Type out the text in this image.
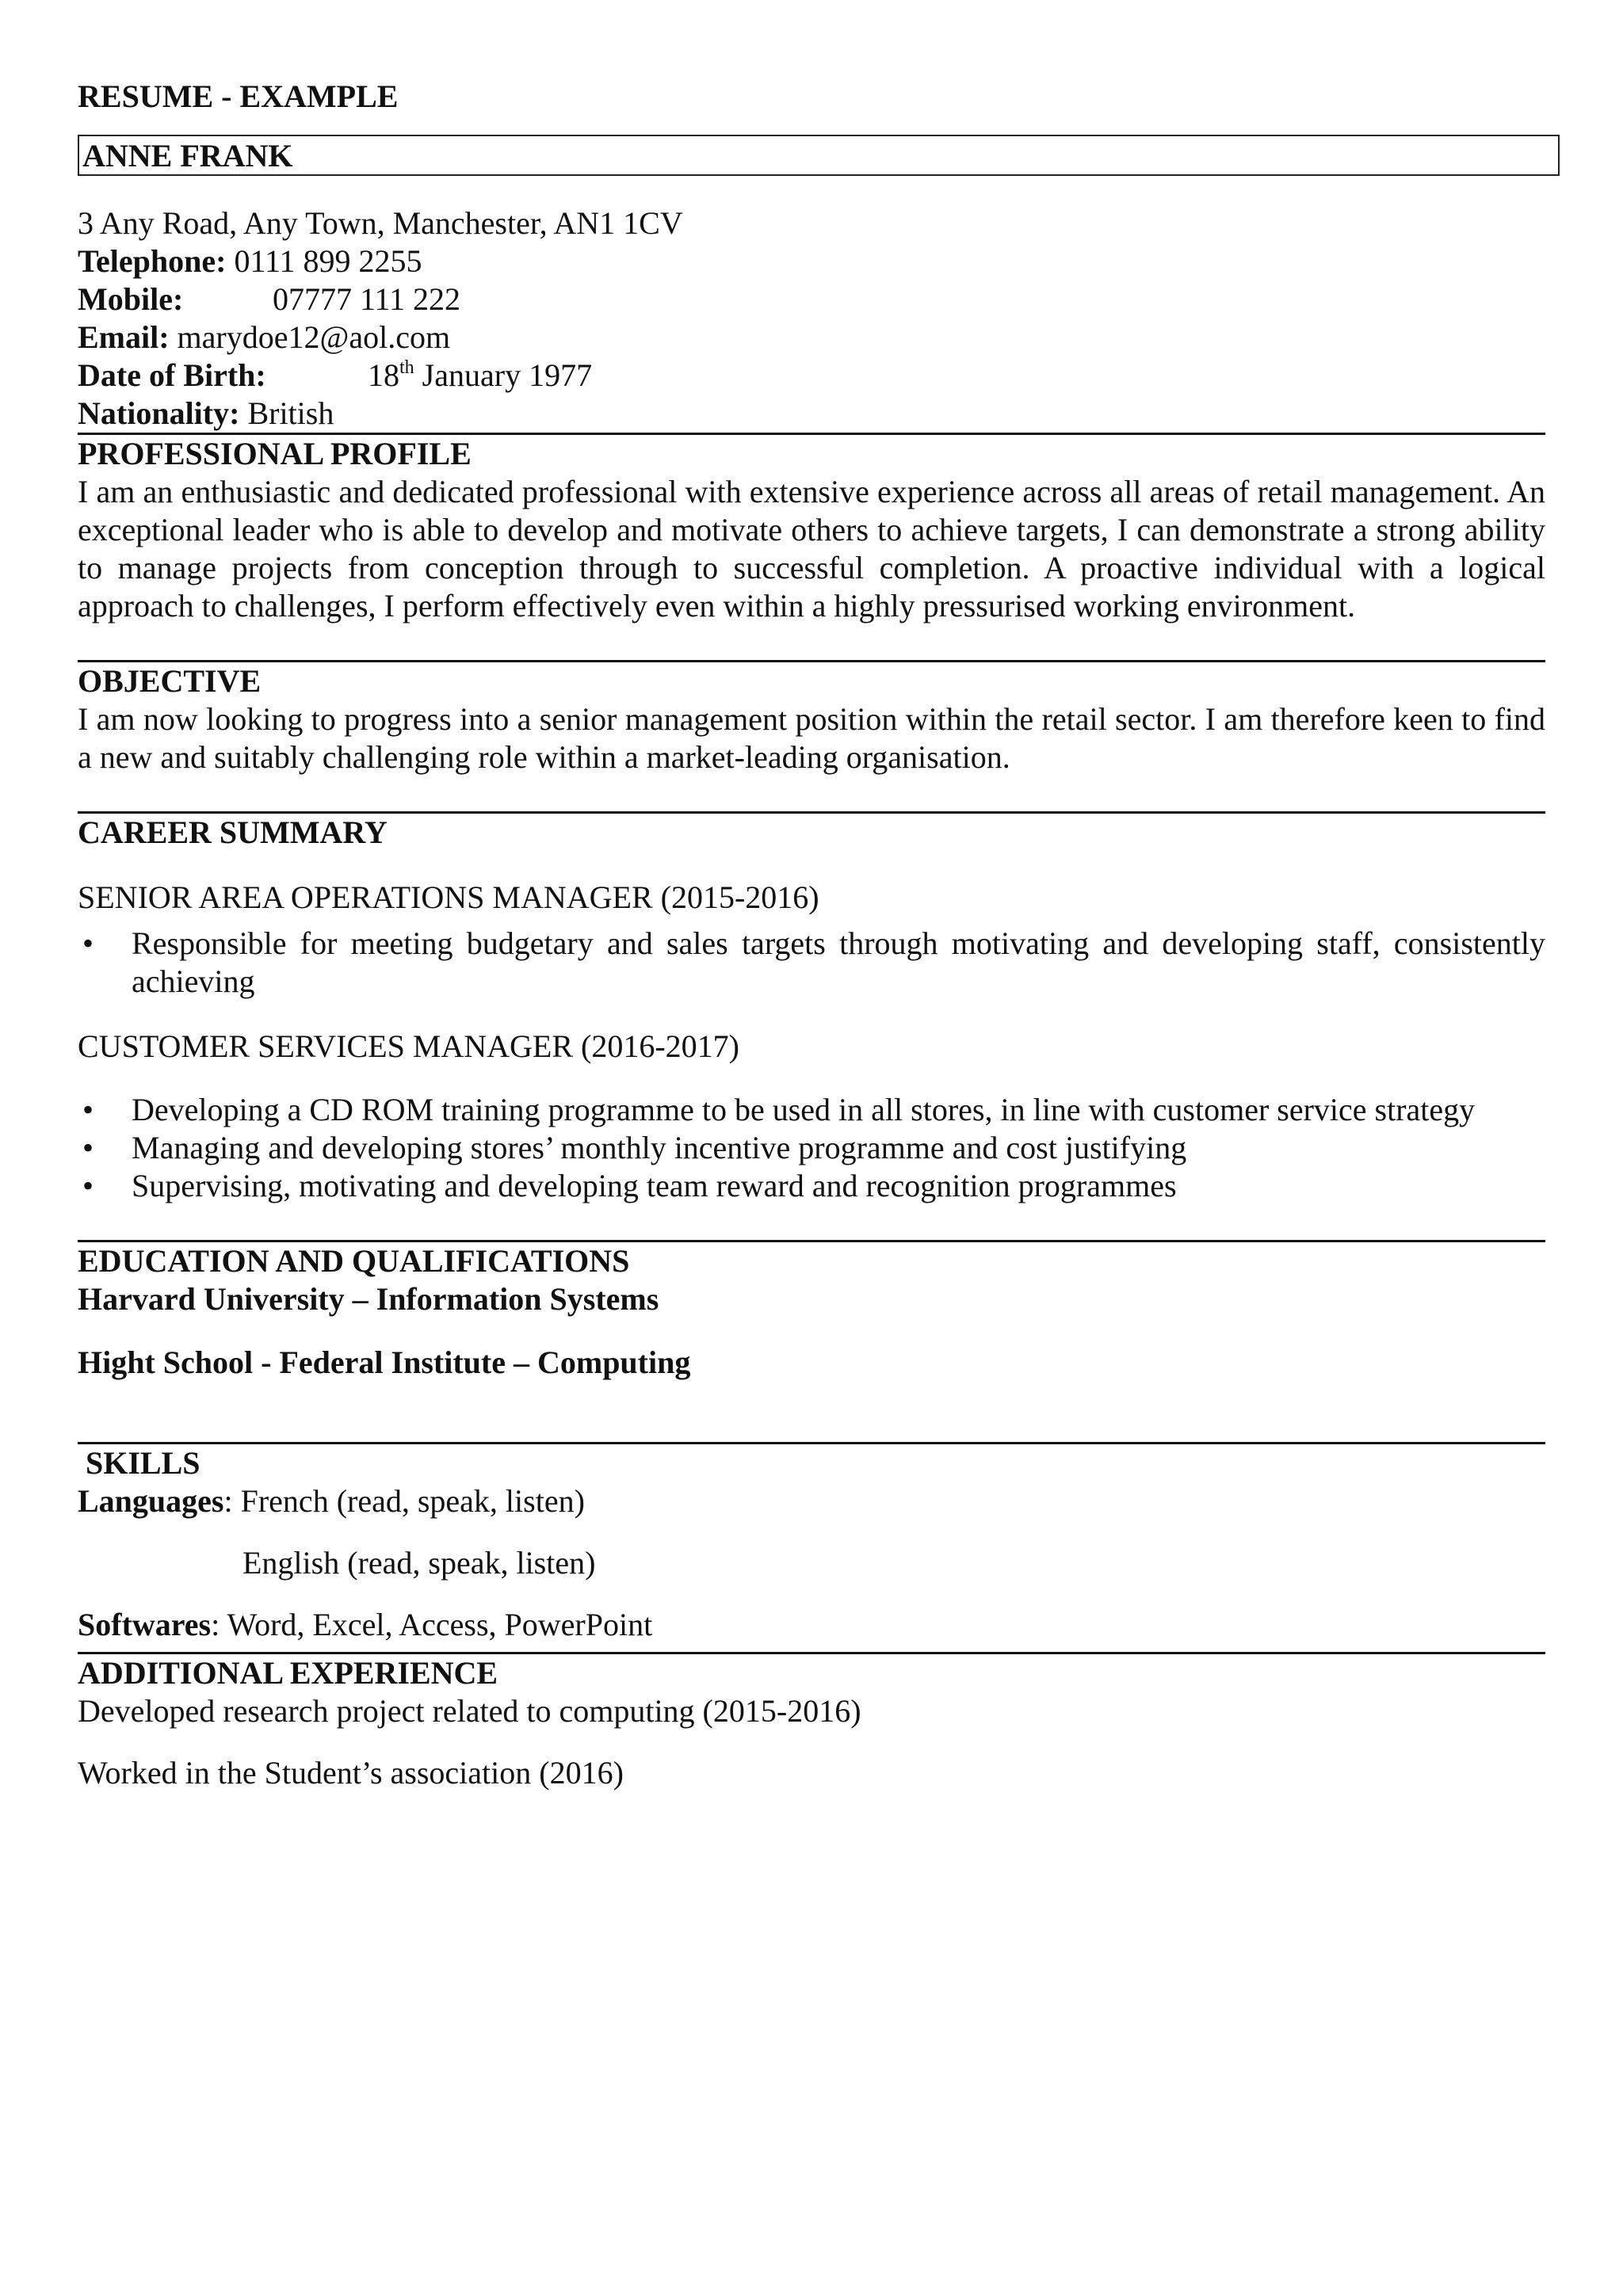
RESUME - EXAMPLE
ANNE FRANK
3 Any Road, Any Town, Manchester, AN1 1CV
Telephone: 0111 899 2255
Mobile:	07777 111 222
Email: marydoe12@aol.com
Date of Birth:	18th January 1977
Nationality: British
PROFESSIONAL PROFILE

I am an enthusiastic and dedicated professional with extensive experience across all areas of retail management. An exceptional leader who is able to develop and motivate others to achieve targets, I can demonstrate a strong ability to manage projects from conception through to successful completion. A proactive individual with a logical approach to challenges, I perform effectively even within a highly pressurised working environment.

OBJECTIVE

I am now looking to progress into a senior management position within the retail sector. I am therefore keen to find a new and suitably challenging role within a market-leading organisation.

CAREER SUMMARY
SENIOR AREA OPERATIONS MANAGER (2015-2016)
• Responsible for meeting budgetary and sales targets through motivating and developing staff, consistently achieving
CUSTOMER SERVICES MANAGER (2016-2017)
• Developing a CD ROM training programme to be used in all stores, in line with customer service strategy
• Managing and developing stores’ monthly incentive programme and cost justifying
• Supervising, motivating and developing team reward and recognition programmes
EDUCATION AND QUALIFICATIONS
Harvard University – Information Systems
Hight School - Federal Institute – Computing
SKILLS
Languages: French (read, speak, listen)
English (read, speak, listen)
Softwares: Word, Excel, Access, PowerPoint
ADDITIONAL EXPERIENCE
Developed research project related to computing (2015-2016)
Worked in the Student’s association (2016)
